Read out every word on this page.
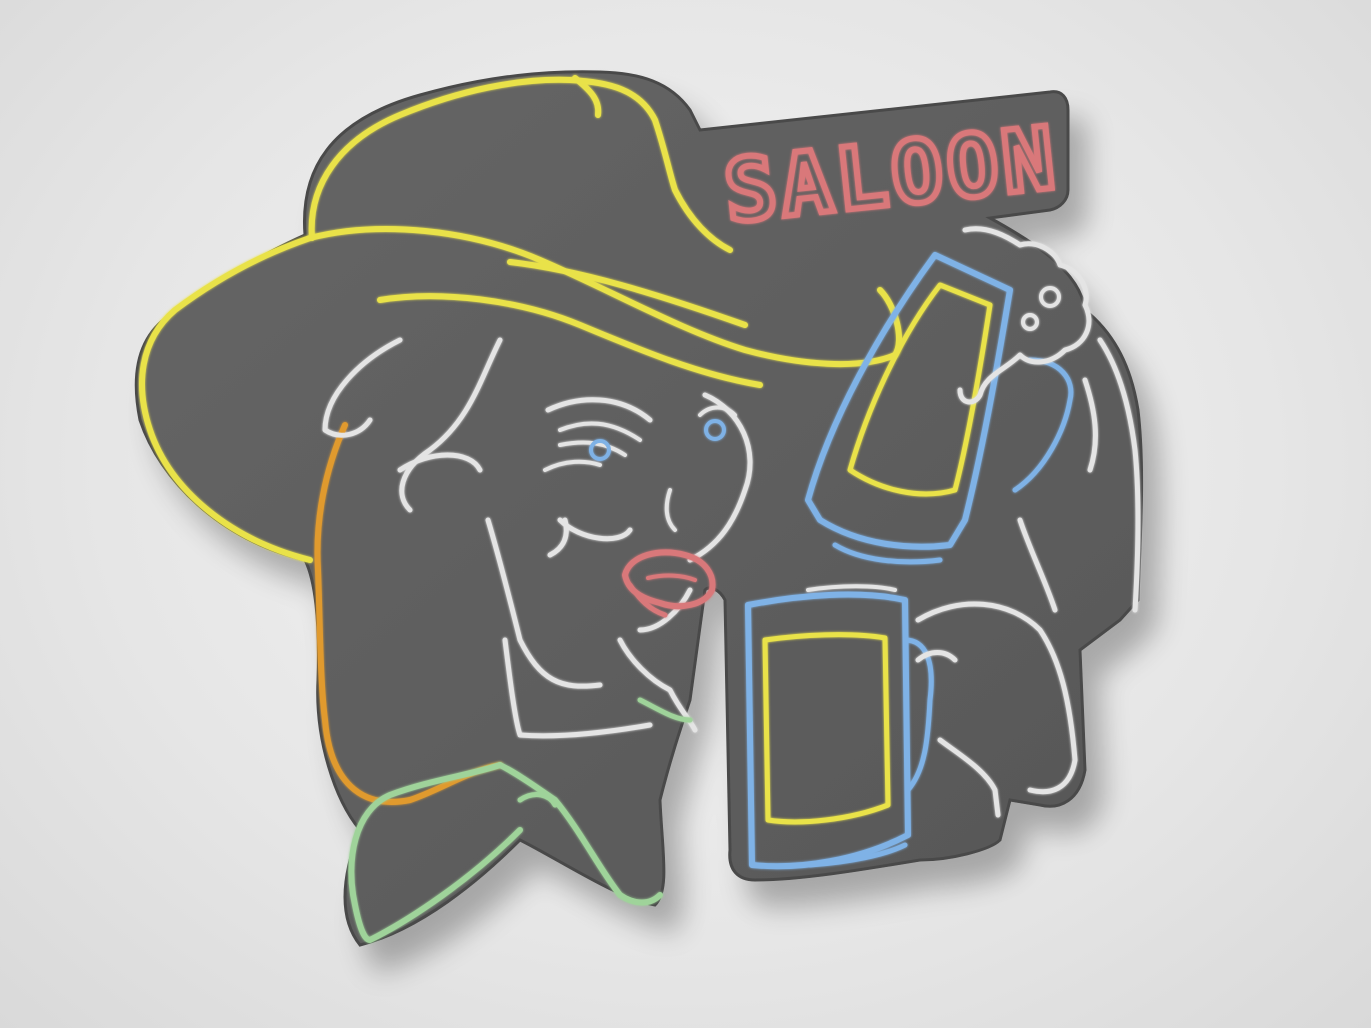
SALOON
